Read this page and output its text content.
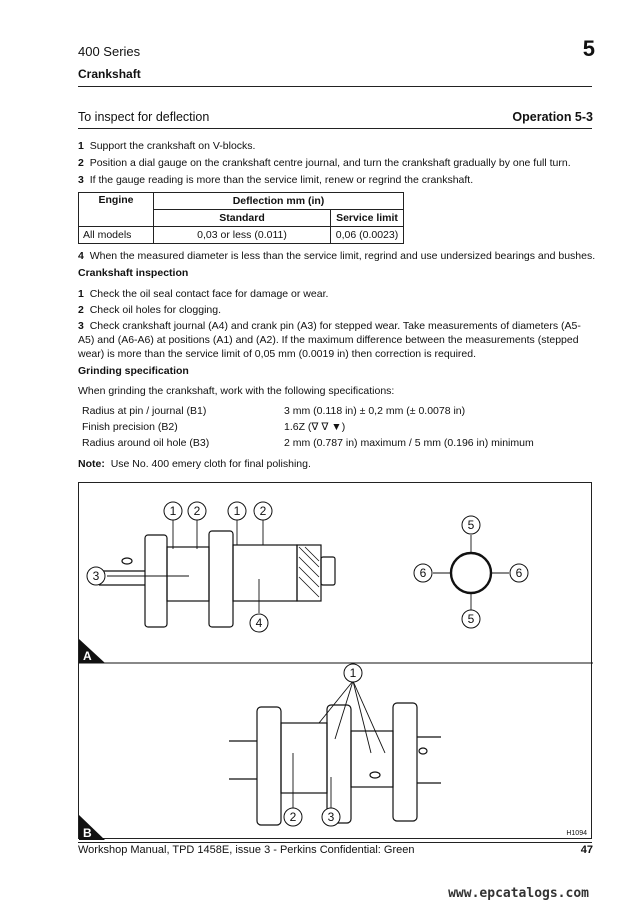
400 Series	5
Crankshaft
To inspect for deflection	Operation 5-3
1 Support the crankshaft on V-blocks.
2 Position a dial gauge on the crankshaft centre journal, and turn the crankshaft gradually by one full turn.
3 If the gauge reading is more than the service limit, renew or regrind the crankshaft.
Engine	Deflection mm (in)	
	Standard	Service limit
All models	0,03 or less (0.011)	0,06 (0.0023)
4 When the measured diameter is less than the service limit, regrind and use undersized bearings and bushes.
Crankshaft inspection
1 Check the oil seal contact face for damage or wear.
2 Check oil holes for clogging.
3 Check crankshaft journal (A4) and crank pin (A3) for stepped wear. Take measurements of diameters (A5-A5) and (A6-A6) at positions (A1) and (A2). If the maximum difference between the measurements (stepped wear) is more than the service limit of 0,05 mm (0.0019 in) then correction is required.
Grinding specification
When grinding the crankshaft, work with the following specifications:
Radius at pin / journal (B1)	3 mm (0.118 in) ± 0,2 mm (± 0.0078 in)
Finish precision (B2)	1.6Z (∇ ∇ ▼)
Radius around oil hole (B3)	2 mm (0.787 in) maximum / 5 mm (0.196 in) minimum
Note: Use No. 400 emery cloth for final polishing.
1 2	1 2
3
4
5
5
6	6
1
2	3
A
B	H1094
Workshop Manual, TPD 1458E, issue 3 - Perkins Confidential: Green	47
www.epcatalogs.com
